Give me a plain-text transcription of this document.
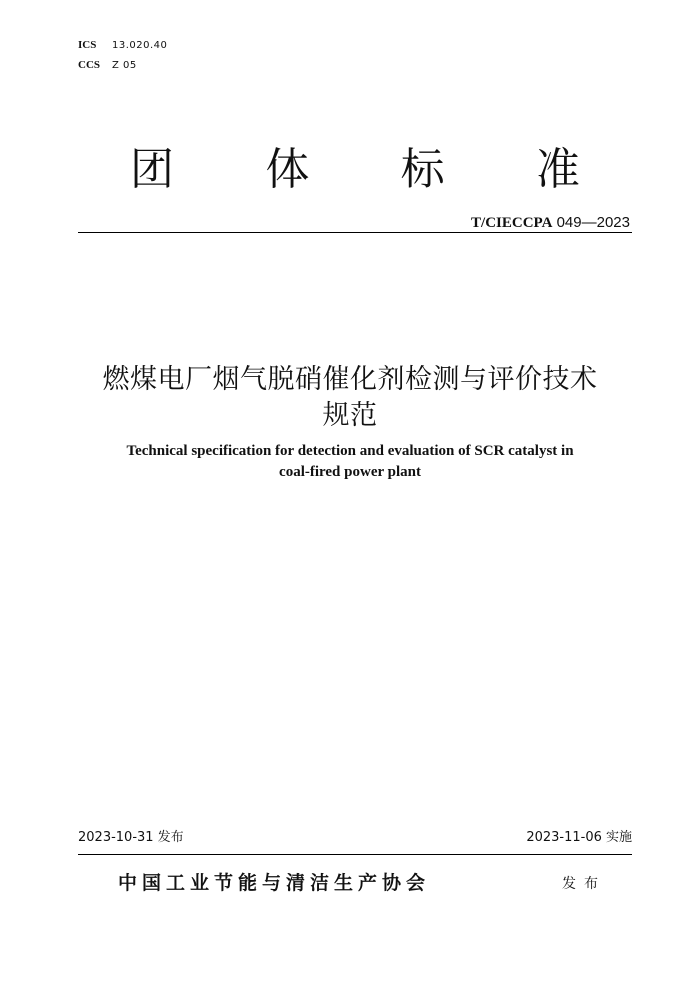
ICS 13.020.40
CCS Z 05
团 体 标 准
T/CIECCPA 049—2023
燃煤电厂烟气脱硝催化剂检测与评价技术
规范
Technical specification for detection and evaluation of SCR catalyst in
coal-fired power plant
2023-10-31 发布	2023-11-06 实施
中国工业节能与清洁生产协会	发布
